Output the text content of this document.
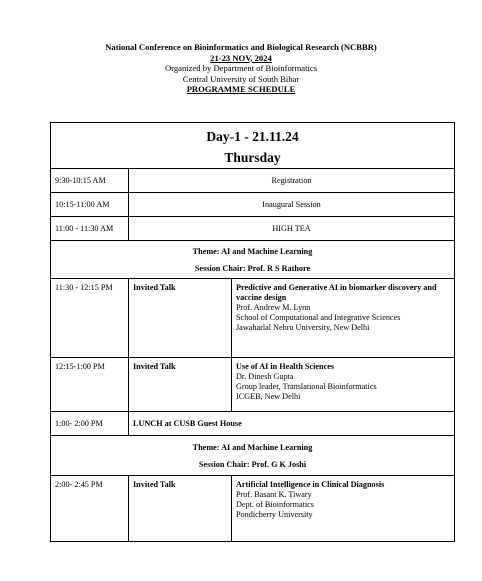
National Conference on Bioinformatics and Biological Research (NCBBR)
21-23 NOV, 2024
Organized by Department of Bioinformatics
Central University of South Bihar
PROGRAMME SCHEDULE
Day-1 - 21.11.24
Thursday		

9:30-10:15 AM	Registration	
10:15-11:00 AM	Inaugural Session	
11:00 - 11:30 AM	HIGH TEA	

Theme: AI and Machine Learning
Session Chair: Prof. R S Rathore		

11:30 - 12:15 PM	Invited Talk	Predictive and Generative AI in biomarker discovery and vaccine design
Prof. Andrew M. Lynn
School of Computational and Integrative Sciences
Jawaharlal Nehru University, New Delhi

12:15-1:00 PM	Invited Talk	Use of AI in Health Sciences
Dr. Dinesh Gupta
Group leader, Translational Bioinformatics
ICGEB, New Delhi

1:00- 2:00 PM	LUNCH at CUSB Guest House	

Theme: AI and Machine Learning
Session Chair: Prof. G K Joshi		

2:00- 2:45 PM	Invited Talk	Artificial Intelligence in Clinical Diagnosis
Prof. Basant K. Tiwary
Dept. of Bioinformatics
Pondicherry University
